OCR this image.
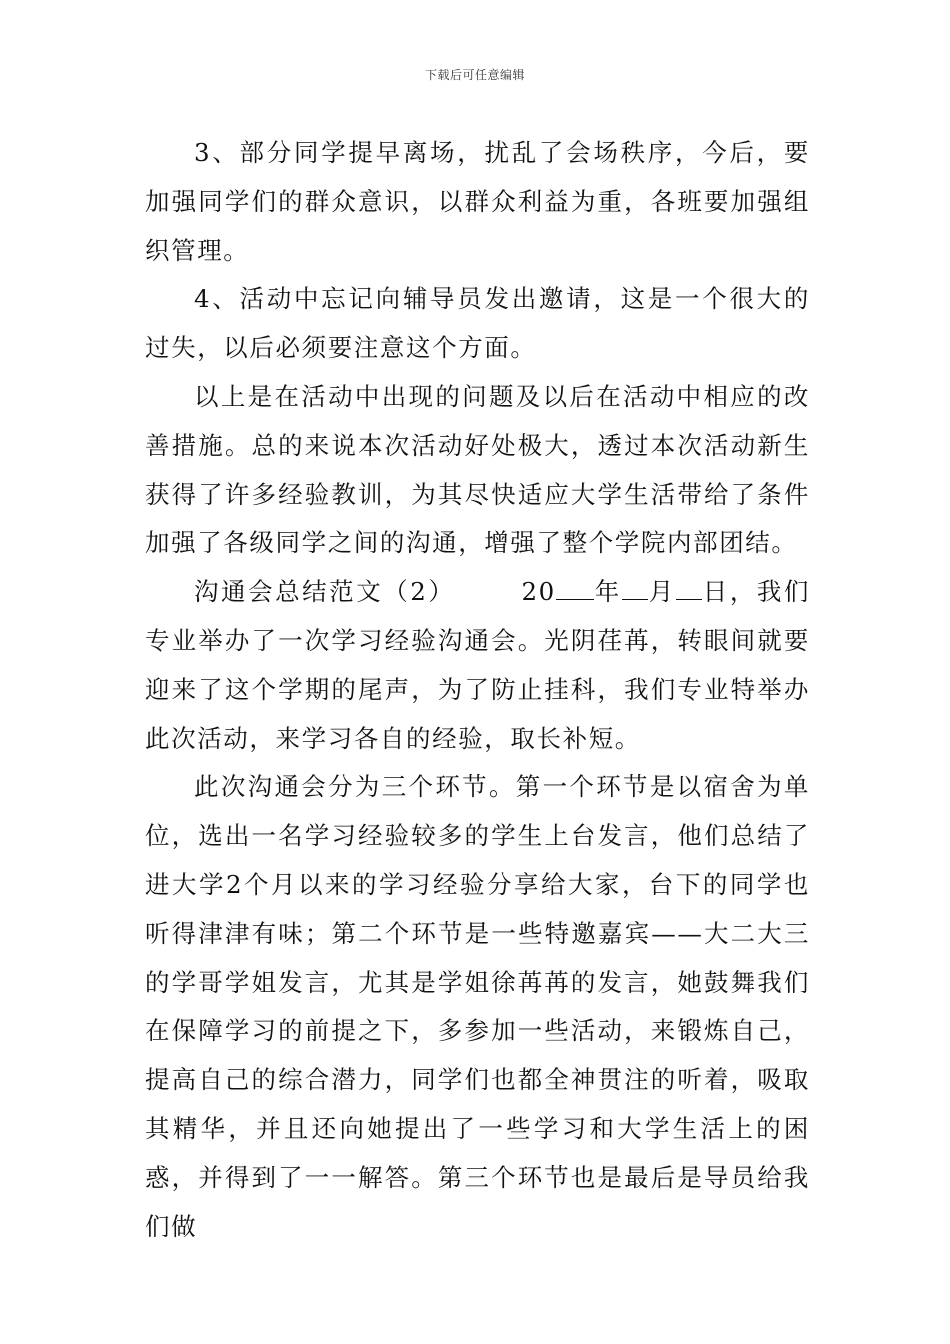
下载后可任意编辑

3、部分同学提早离场，扰乱了会场秩序，今后，要加强同学们的群众意识，以群众利益为重，各班要加强组织管理。

4、活动中忘记向辅导员发出邀请，这是一个很大的过失，以后必须要注意这个方面。

以上是在活动中出现的问题及以后在活动中相应的改善措施。总的来说本次活动好处极大，透过本次活动新生获得了许多经验教训，为其尽快适应大学生活带给了条件加强了各级同学之间的沟通，增强了整个学院内部团结。

沟通会总结范文（2）	20 年 月 日，我们专业举办了一次学习经验沟通会。光阴荏苒，转眼间就要迎来了这个学期的尾声，为了防止挂科，我们专业特举办此次活动，来学习各自的经验，取长补短。

此次沟通会分为三个环节。第一个环节是以宿舍为单位，选出一名学习经验较多的学生上台发言，他们总结了进大学2个月以来的学习经验分享给大家，台下的同学也听得津津有味；第二个环节是一些特邀嘉宾——大二大三的学哥学姐发言，尤其是学姐徐苒苒的发言，她鼓舞我们在保障学习的前提之下，多参加一些活动，来锻炼自己，提高自己的综合潜力，同学们也都全神贯注的听着，吸取其精华，并且还向她提出了一些学习和大学生活上的困惑，并得到了一一解答。第三个环节也是最后是导员给我们做
